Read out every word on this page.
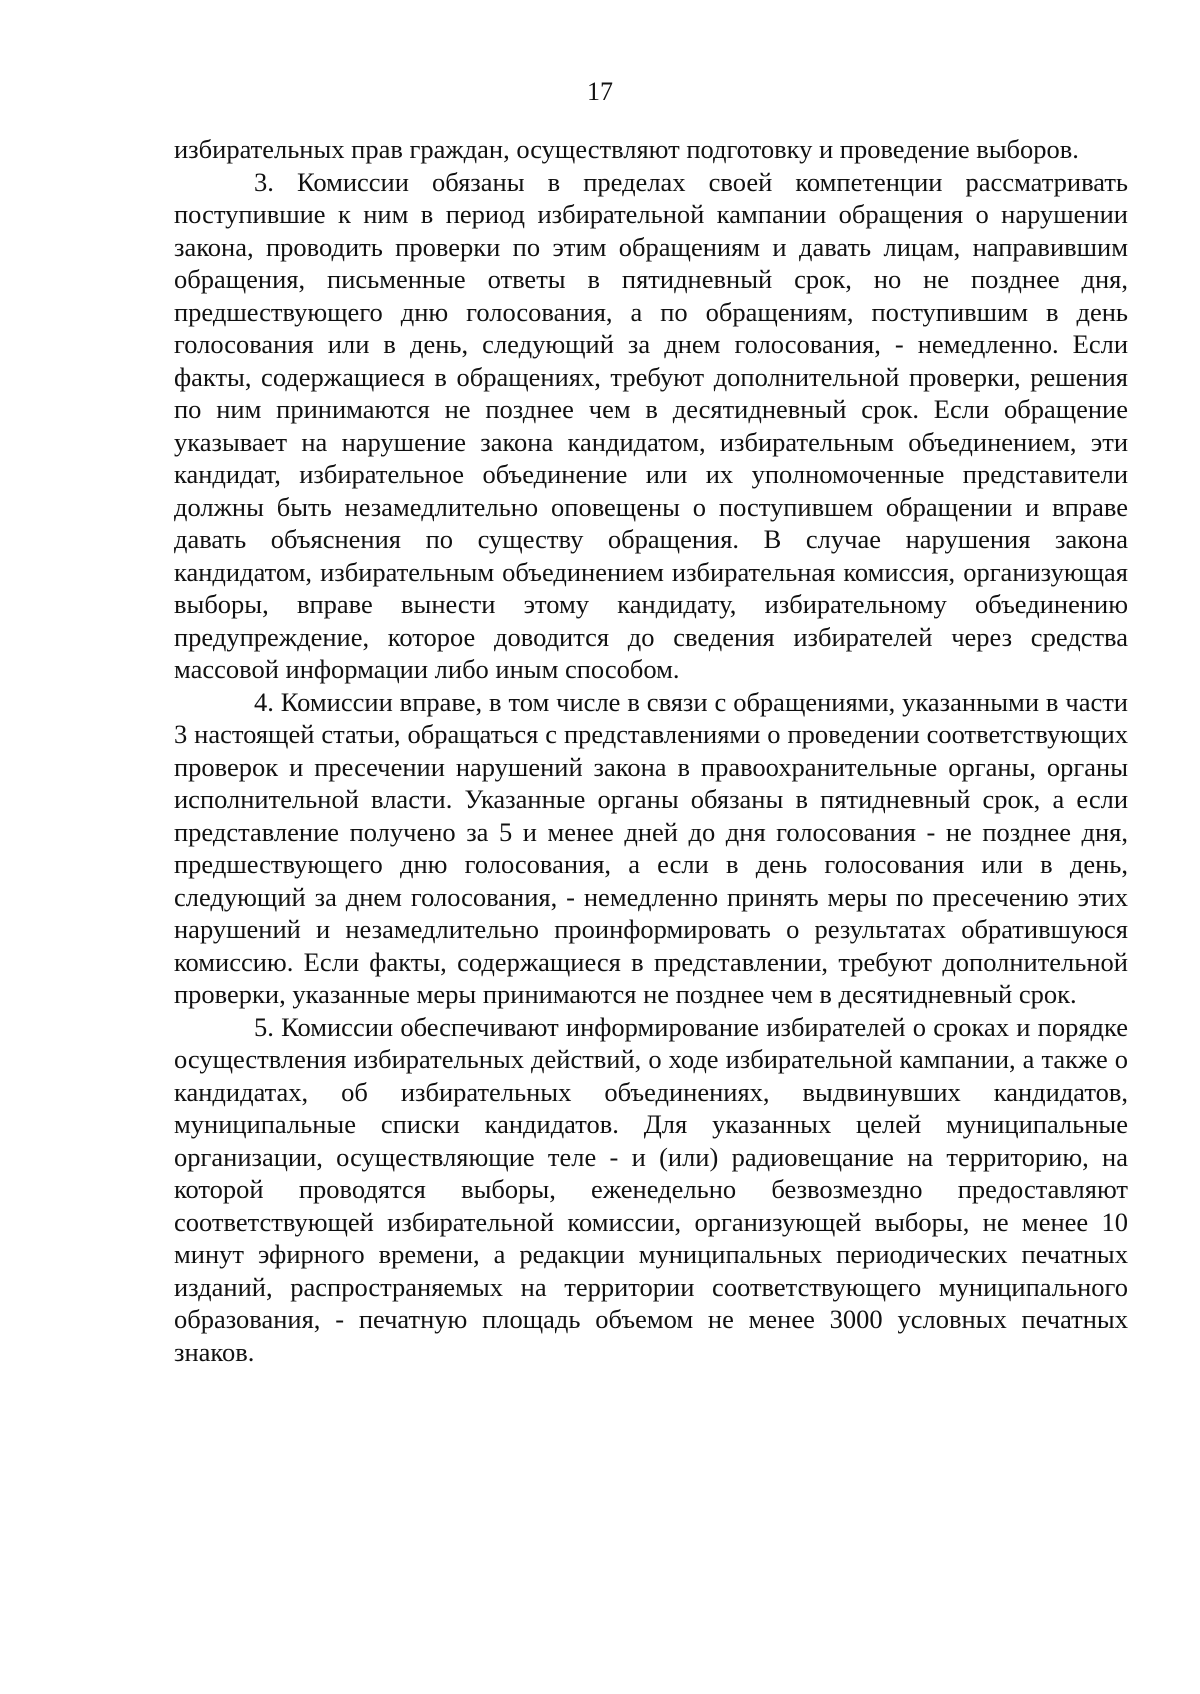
17

избирательных прав граждан, осуществляют подготовку и проведение выборов.

3. Комиссии обязаны в пределах своей компетенции рассматривать поступившие к ним в период избирательной кампании обращения о нарушении закона, проводить проверки по этим обращениям и давать лицам, направившим обращения, письменные ответы в пятидневный срок, но не позднее дня, предшествующего дню голосования, а по обращениям, поступившим в день голосования или в день, следующий за днем голосования, - немедленно. Если факты, содержащиеся в обращениях, требуют дополнительной проверки, решения по ним принимаются не позднее чем в десятидневный срок. Если обращение указывает на нарушение закона кандидатом, избирательным объединением, эти кандидат, избирательное объединение или их уполномоченные представители должны быть незамедлительно оповещены о поступившем обращении и вправе давать объяснения по существу обращения. В случае нарушения закона кандидатом, избирательным объединением избирательная комиссия, организующая выборы, вправе вынести этому кандидату, избирательному объединению предупреждение, которое доводится до сведения избирателей через средства массовой информации либо иным способом.

4. Комиссии вправе, в том числе в связи с обращениями, указанными в части 3 настоящей статьи, обращаться с представлениями о проведении соответствующих проверок и пресечении нарушений закона в правоохранительные органы, органы исполнительной власти. Указанные органы обязаны в пятидневный срок, а если представление получено за 5 и менее дней до дня голосования - не позднее дня, предшествующего дню голосования, а если в день голосования или в день, следующий за днем голосования, - немедленно принять меры по пресечению этих нарушений и незамедлительно проинформировать о результатах обратившуюся комиссию. Если факты, содержащиеся в представлении, требуют дополнительной проверки, указанные меры принимаются не позднее чем в десятидневный срок.

5. Комиссии обеспечивают информирование избирателей о сроках и порядке осуществления избирательных действий, о ходе избирательной кампании, а также о кандидатах, об избирательных объединениях, выдвинувших кандидатов, муниципальные списки кандидатов. Для указанных целей муниципальные организации, осуществляющие теле - и (или) радиовещание на территорию, на которой проводятся выборы, еженедельно безвозмездно предоставляют соответствующей избирательной комиссии, организующей выборы, не менее 10 минут эфирного времени, а редакции муниципальных периодических печатных изданий, распространяемых на территории соответствующего муниципального образования, - печатную площадь объемом не менее 3000 условных печатных знаков.
